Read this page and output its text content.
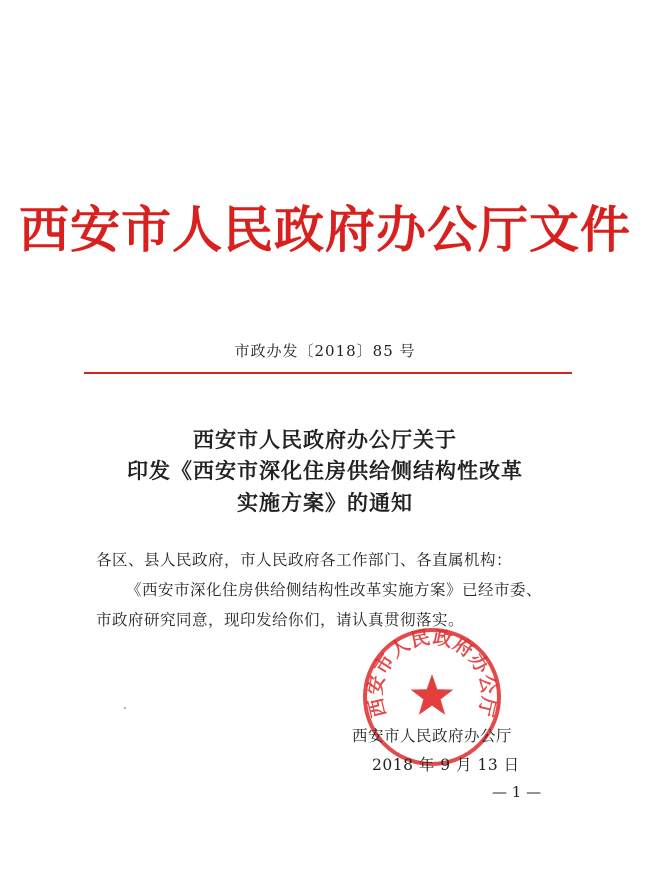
西安市人民政府办公厅文件
市政办发〔2018〕85 号
西安市人民政府办公厅关于
印发《西安市深化住房供给侧结构性改革
实施方案》的通知
各区、县人民政府，市人民政府各工作部门、各直属机构：
《西安市深化住房供给侧结构性改革实施方案》已经市委、
市政府研究同意，现印发给你们，请认真贯彻落实。
西安市人民政府办公厅
西安市人民政府办公厅
2018 年 9 月 13 日
— 1 —
